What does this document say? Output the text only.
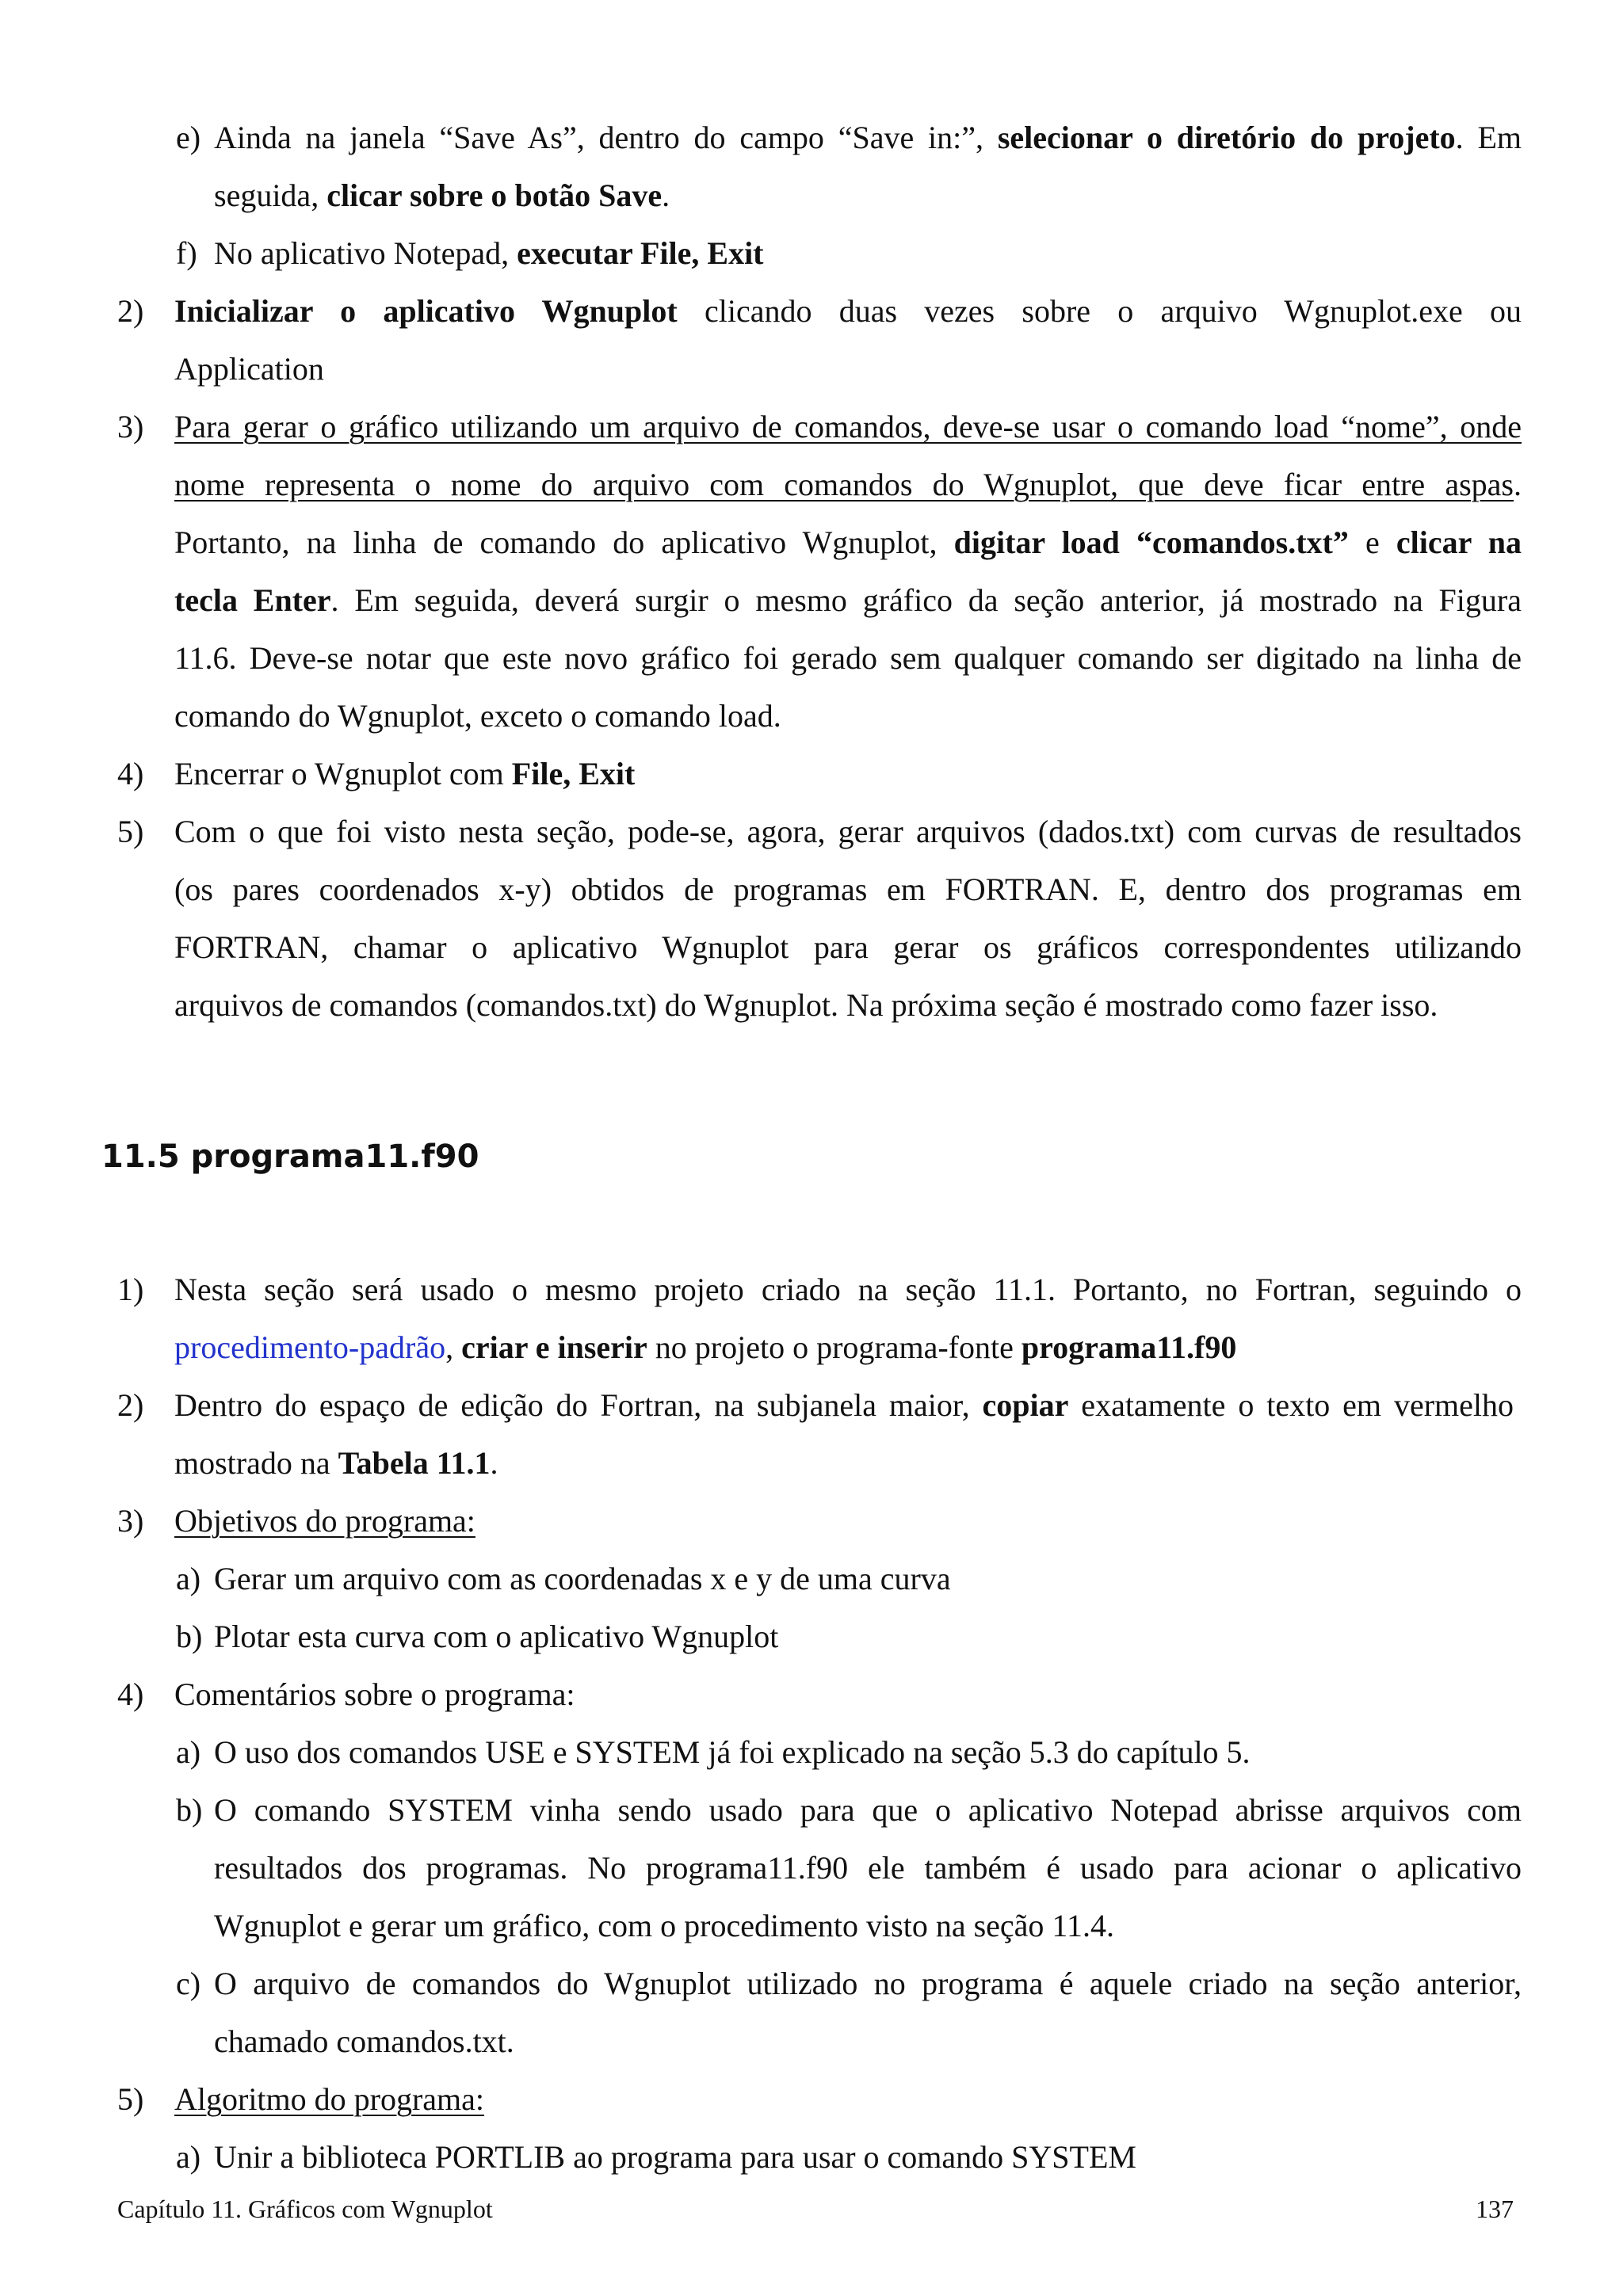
e) Ainda na janela “Save As”, dentro do campo “Save in:”, selecionar o diretório do projeto. Em
seguida, clicar sobre o botão Save.
f) No aplicativo Notepad, executar File, Exit
2) Inicializar o aplicativo Wgnuplot clicando duas vezes sobre o arquivo Wgnuplot.exe ou
Application
3) Para gerar o gráfico utilizando um arquivo de comandos, deve-se usar o comando load “nome”, onde
nome representa o nome do arquivo com comandos do Wgnuplot, que deve ficar entre aspas.
Portanto, na linha de comando do aplicativo Wgnuplot, digitar load “comandos.txt” e clicar na
tecla Enter. Em seguida, deverá surgir o mesmo gráfico da seção anterior, já mostrado na Figura
11.6. Deve-se notar que este novo gráfico foi gerado sem qualquer comando ser digitado na linha de
comando do Wgnuplot, exceto o comando load.
4) Encerrar o Wgnuplot com File, Exit
5) Com o que foi visto nesta seção, pode-se, agora, gerar arquivos (dados.txt) com curvas de resultados
(os pares coordenados x-y) obtidos de programas em FORTRAN. E, dentro dos programas em
FORTRAN, chamar o aplicativo Wgnuplot para gerar os gráficos correspondentes utilizando
arquivos de comandos (comandos.txt) do Wgnuplot. Na próxima seção é mostrado como fazer isso.
11.5 programa11.f90
1) Nesta seção será usado o mesmo projeto criado na seção 11.1. Portanto, no Fortran, seguindo o
procedimento-padrão, criar e inserir no projeto o programa-fonte programa11.f90
2) Dentro do espaço de edição do Fortran, na subjanela maior, copiar exatamente o texto em vermelho
mostrado na Tabela 11.1.
3) Objetivos do programa:
a) Gerar um arquivo com as coordenadas x e y de uma curva
b) Plotar esta curva com o aplicativo Wgnuplot
4) Comentários sobre o programa:
a) O uso dos comandos USE e SYSTEM já foi explicado na seção 5.3 do capítulo 5.
b) O comando SYSTEM vinha sendo usado para que o aplicativo Notepad abrisse arquivos com
resultados dos programas. No programa11.f90 ele também é usado para acionar o aplicativo
Wgnuplot e gerar um gráfico, com o procedimento visto na seção 11.4.
c) O arquivo de comandos do Wgnuplot utilizado no programa é aquele criado na seção anterior,
chamado comandos.txt.
5) Algoritmo do programa:
a) Unir a biblioteca PORTLIB ao programa para usar o comando SYSTEM
Capítulo 11. Gráficos com Wgnuplot	137
